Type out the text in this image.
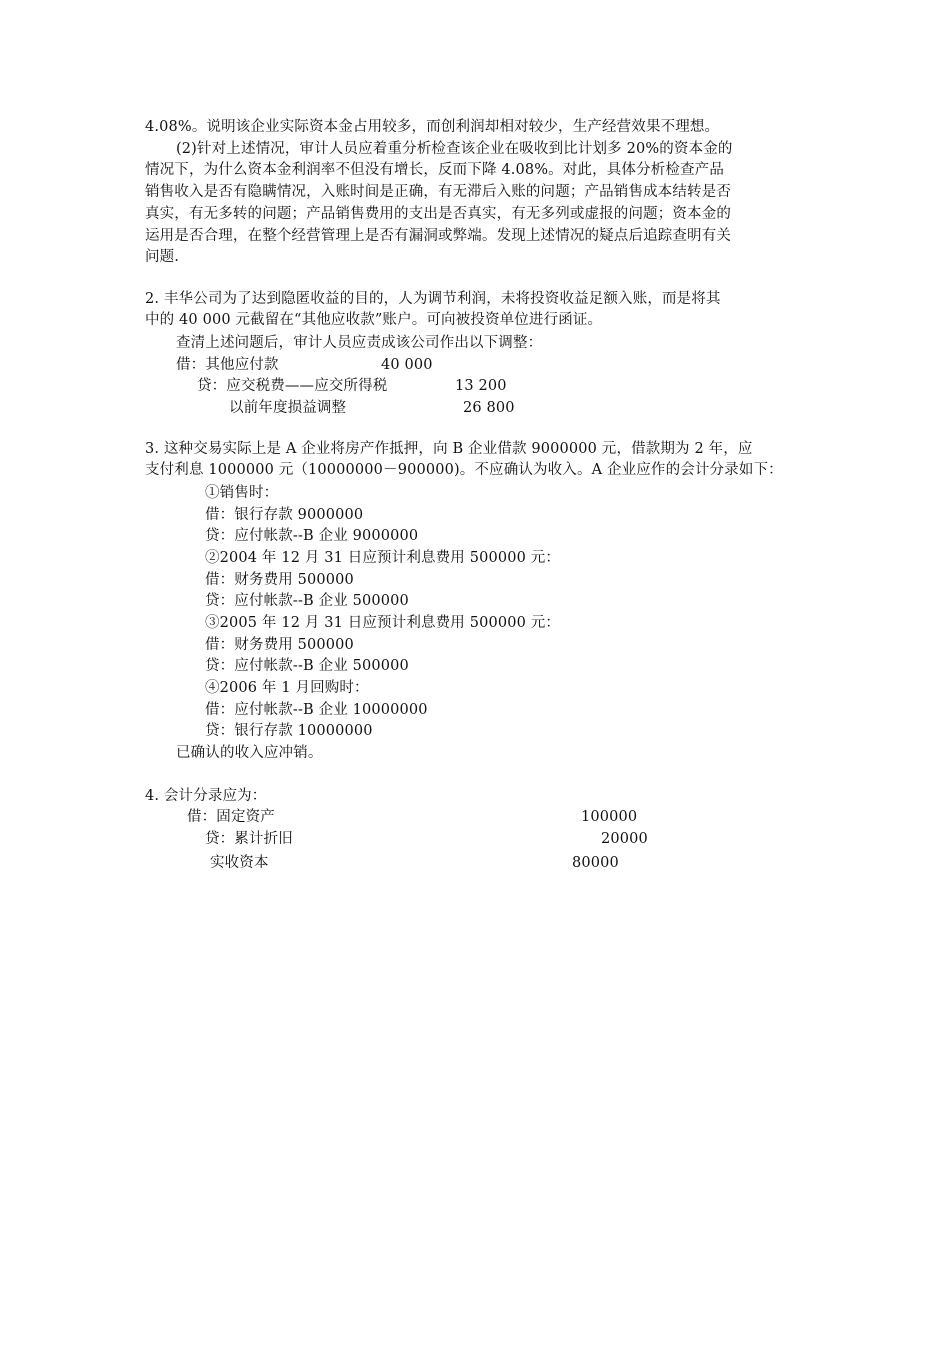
4.08%。说明该企业实际资本金占用较多，而创利润却相对较少，生产经营效果不理想。
(2)针对上述情况，审计人员应着重分析检查该企业在吸收到比计划多 20%的资本金的
情况下，为什么资本金利润率不但没有增长，反而下降 4.08%。对此，具体分析检查产品
销售收入是否有隐瞒情况，入账时间是正确，有无滞后入账的问题；产品销售成本结转是否
真实，有无多转的问题；产品销售费用的支出是否真实，有无多列或虚报的问题；资本金的
运用是否合理，在整个经营管理上是否有漏洞或弊端。发现上述情况的疑点后追踪查明有关
问题.
2. 丰华公司为了达到隐匿收益的目的，人为调节利润，未将投资收益足额入账，而是将其
中的 40 000 元截留在“其他应收款”账户。可向被投资单位进行函证。
查清上述问题后，审计人员应责成该公司作出以下调整：
借：其他应付款	40 000
贷：应交税费——应交所得税	13 200
以前年度损益调整	26 800
3. 这种交易实际上是 A 企业将房产作抵押，向 B 企业借款 9000000 元，借款期为 2 年，应
支付利息 1000000 元（10000000－900000)。不应确认为收入。A 企业应作的会计分录如下：
①销售时：
借：银行存款 9000000
贷：应付帐款--B 企业 9000000
②2004 年 12 月 31 日应预计利息费用 500000 元：
借：财务费用 500000
贷：应付帐款--B 企业 500000
③2005 年 12 月 31 日应预计利息费用 500000 元：
借：财务费用 500000
贷：应付帐款--B 企业 500000
④2006 年 1 月回购时：
借：应付帐款--B 企业 10000000
贷：银行存款 10000000
已确认的收入应冲销。
4. 会计分录应为：
借：固定资产	100000
贷：累计折旧	20000
实收资本	80000
